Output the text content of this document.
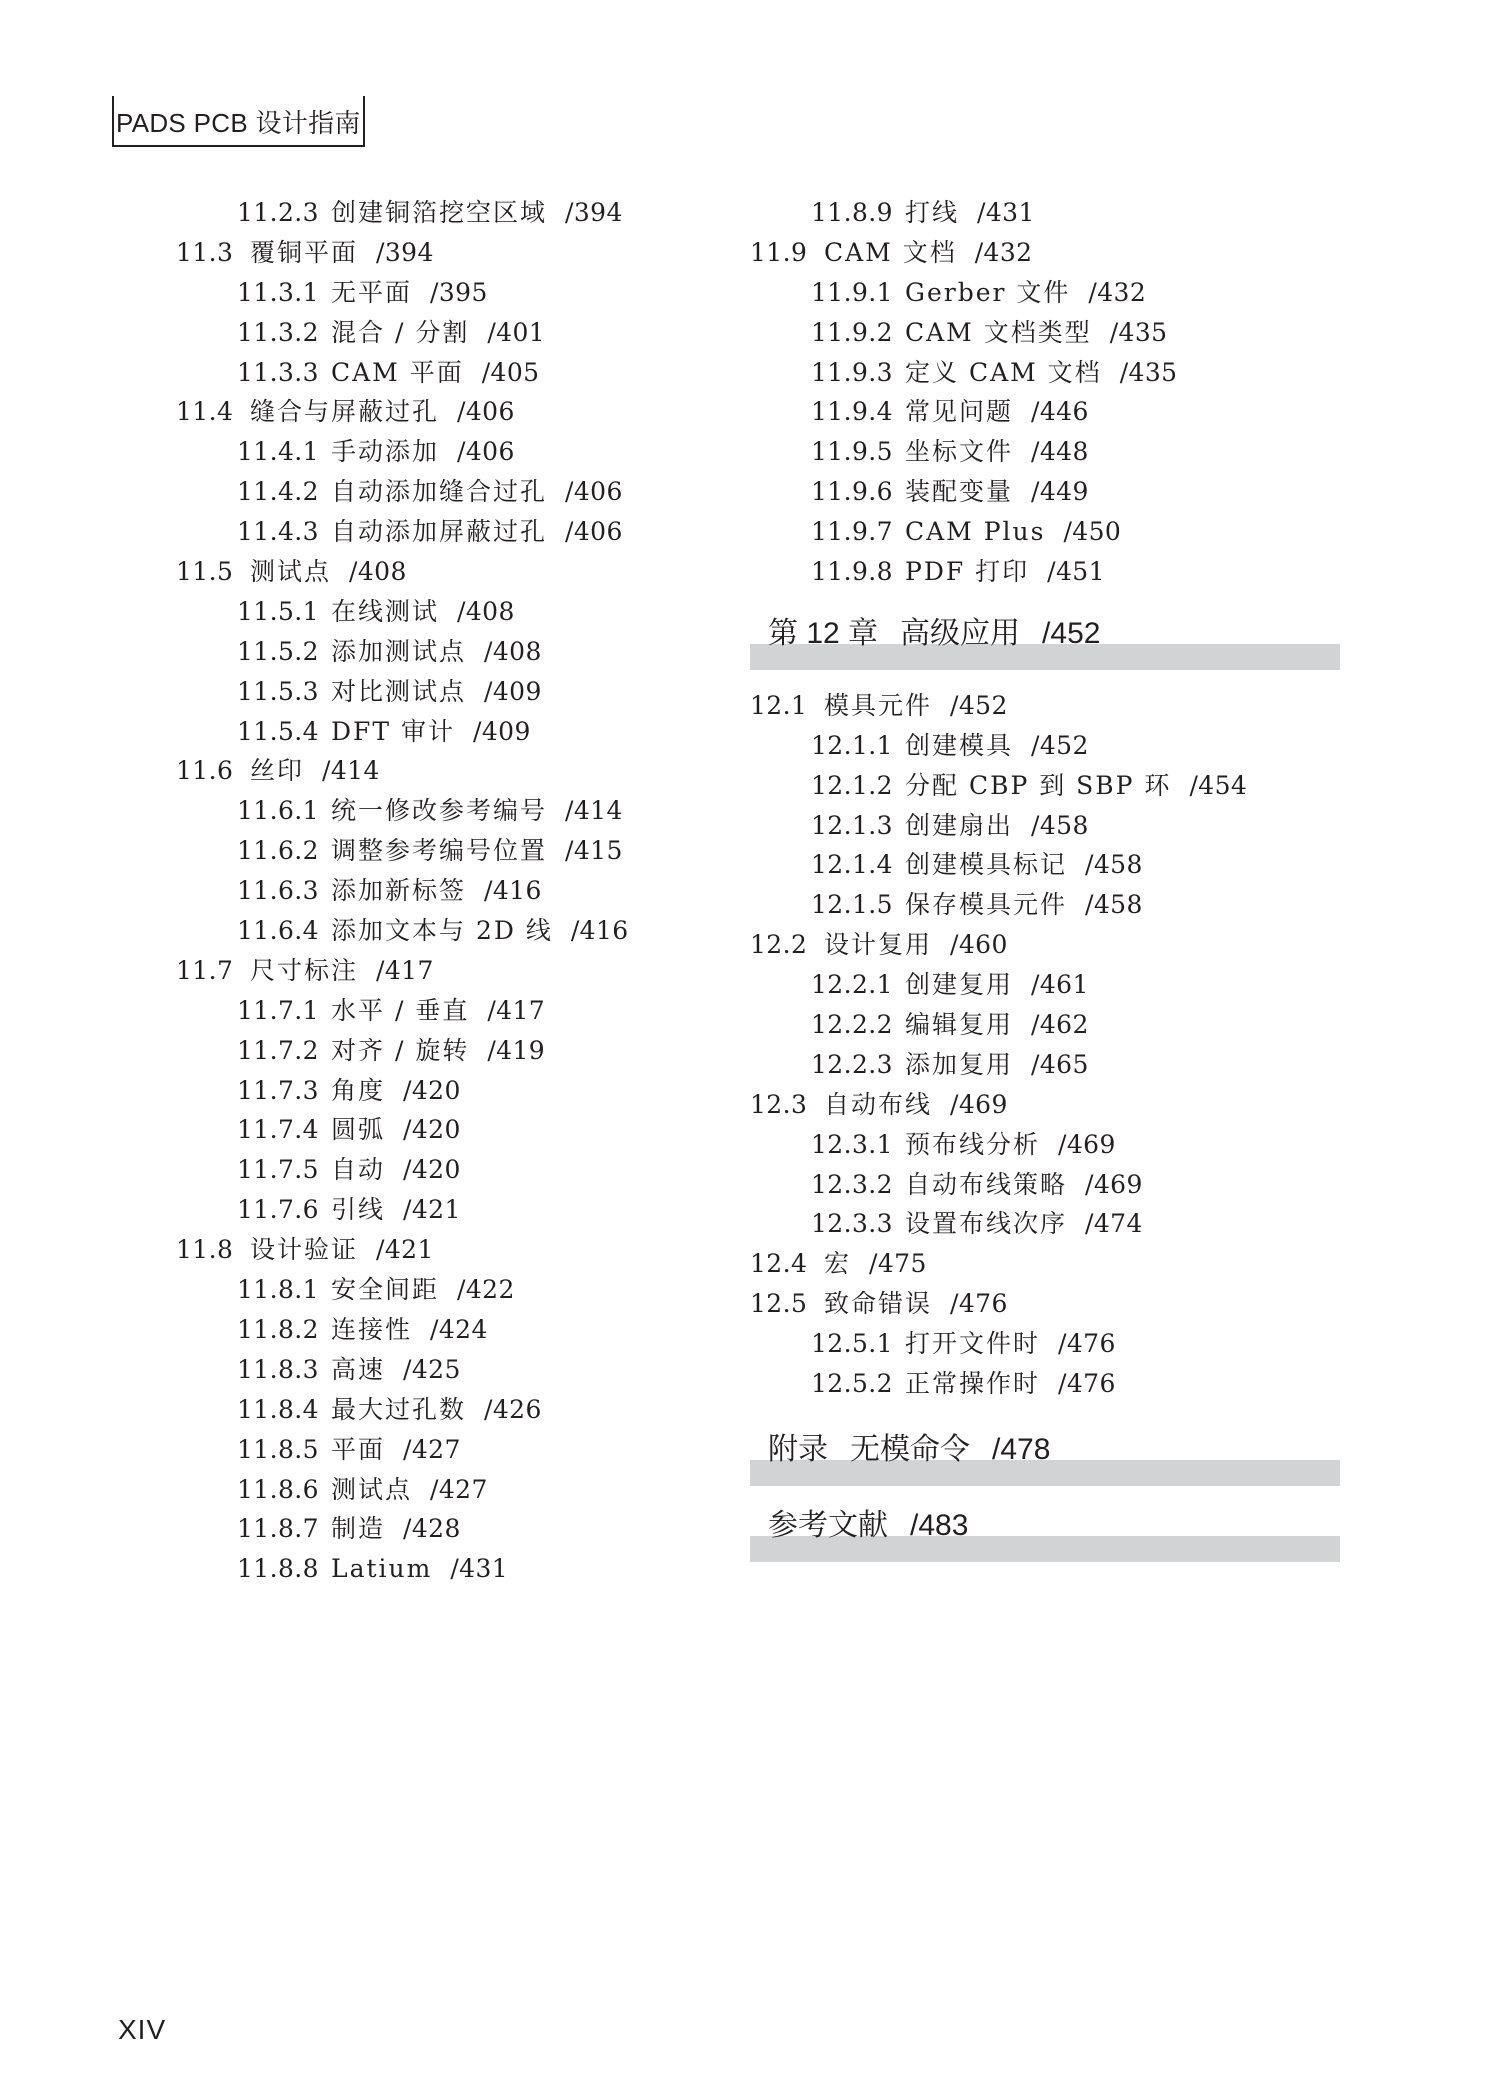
PADS PCB 设计指南
11.2.3 创建铜箔挖空区域 /394
11.3 覆铜平面 /394
11.3.1 无平面 /395
11.3.2 混合 / 分割 /401
11.3.3 CAM 平面 /405
11.4 缝合与屏蔽过孔 /406
11.4.1 手动添加 /406
11.4.2 自动添加缝合过孔 /406
11.4.3 自动添加屏蔽过孔 /406
11.5 测试点 /408
11.5.1 在线测试 /408
11.5.2 添加测试点 /408
11.5.3 对比测试点 /409
11.5.4 DFT 审计 /409
11.6 丝印 /414
11.6.1 统一修改参考编号 /414
11.6.2 调整参考编号位置 /415
11.6.3 添加新标签 /416
11.6.4 添加文本与 2D 线 /416
11.7 尺寸标注 /417
11.7.1 水平 / 垂直 /417
11.7.2 对齐 / 旋转 /419
11.7.3 角度 /420
11.7.4 圆弧 /420
11.7.5 自动 /420
11.7.6 引线 /421
11.8 设计验证 /421
11.8.1 安全间距 /422
11.8.2 连接性 /424
11.8.3 高速 /425
11.8.4 最大过孔数 /426
11.8.5 平面 /427
11.8.6 测试点 /427
11.8.7 制造 /428
11.8.8 Latium /431
11.8.9 打线 /431
11.9 CAM 文档 /432
11.9.1 Gerber 文件 /432
11.9.2 CAM 文档类型 /435
11.9.3 定义 CAM 文档 /435
11.9.4 常见问题 /446
11.9.5 坐标文件 /448
11.9.6 装配变量 /449
11.9.7 CAM Plus /450
11.9.8 PDF 打印 /451
第 12 章 高级应用 /452
12.1 模具元件 /452
12.1.1 创建模具 /452
12.1.2 分配 CBP 到 SBP 环 /454
12.1.3 创建扇出 /458
12.1.4 创建模具标记 /458
12.1.5 保存模具元件 /458
12.2 设计复用 /460
12.2.1 创建复用 /461
12.2.2 编辑复用 /462
12.2.3 添加复用 /465
12.3 自动布线 /469
12.3.1 预布线分析 /469
12.3.2 自动布线策略 /469
12.3.3 设置布线次序 /474
12.4 宏 /475
12.5 致命错误 /476
12.5.1 打开文件时 /476
12.5.2 正常操作时 /476
附录 无模命令 /478
参考文献 /483
XIV
